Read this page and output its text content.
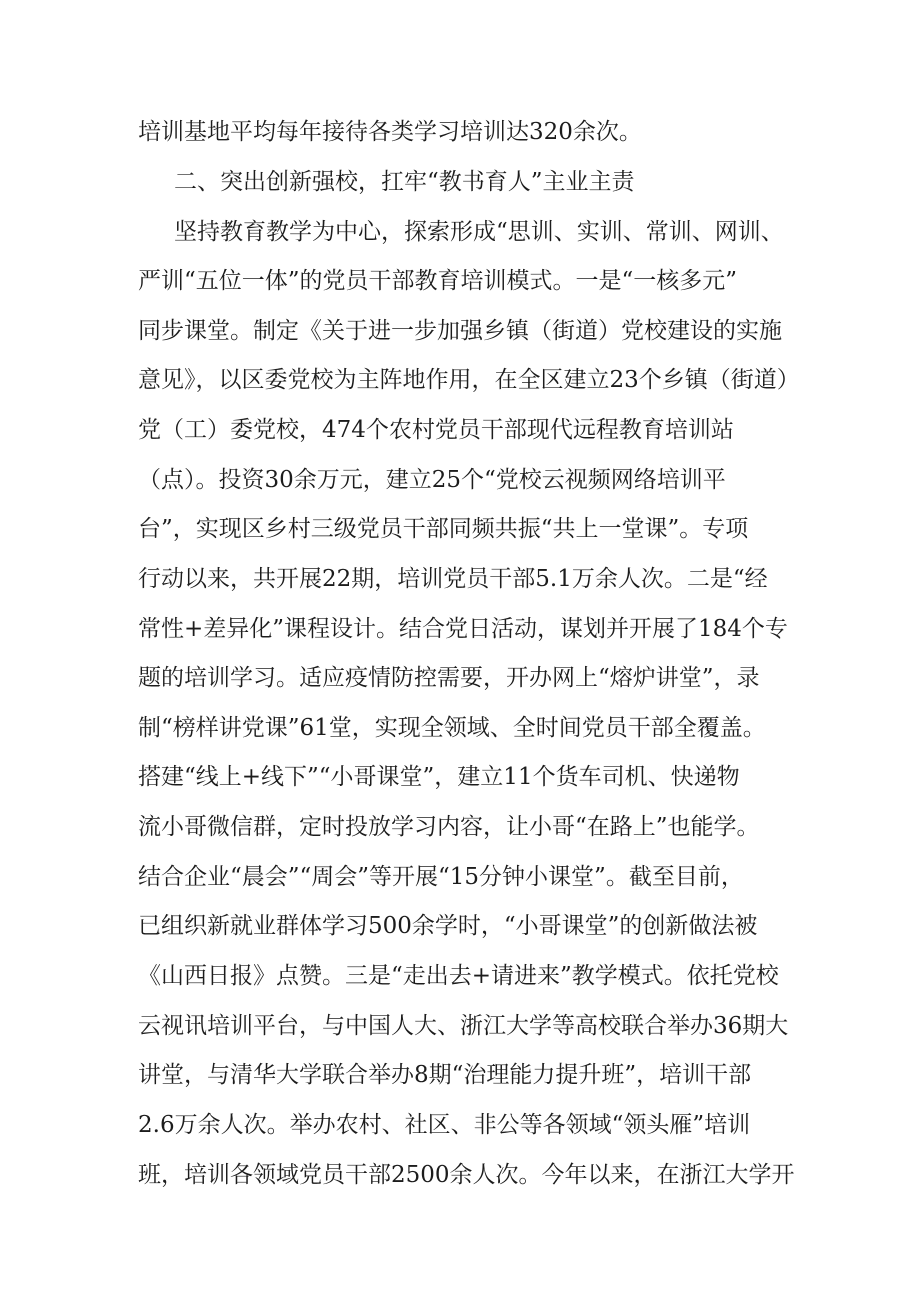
培训基地平均每年接待各类学习培训达320余次。
二、突出创新强校，扛牢“教书育人”主业主责
坚持教育教学为中心，探索形成“思训、实训、常训、网训、
严训“五位一体”的党员干部教育培训模式。一是“一核多元”
同步课堂。制定《关于进一步加强乡镇（街道）党校建设的实施
意见》，以区委党校为主阵地作用，在全区建立23个乡镇（街道）
党（工）委党校，474个农村党员干部现代远程教育培训站
（点）。投资30余万元，建立25个“党校云视频网络培训平
台”，实现区乡村三级党员干部同频共振“共上一堂课”。专项
行动以来，共开展22期，培训党员干部5.1万余人次。二是“经
常性+差异化”课程设计。结合党日活动，谋划并开展了184个专
题的培训学习。适应疫情防控需要，开办网上“熔炉讲堂”，录
制“榜样讲党课”61堂，实现全领域、全时间党员干部全覆盖。
搭建“线上+线下”“小哥课堂”，建立11个货车司机、快递物
流小哥微信群，定时投放学习内容，让小哥“在路上”也能学。
结合企业“晨会”“周会”等开展“15分钟小课堂”。截至目前，
已组织新就业群体学习500余学时，“小哥课堂”的创新做法被
《山西日报》点赞。三是“走出去+请进来”教学模式。依托党校
云视讯培训平台，与中国人大、浙江大学等高校联合举办36期大
讲堂，与清华大学联合举办8期“治理能力提升班”，培训干部
2.6万余人次。举办农村、社区、非公等各领域“领头雁”培训
班，培训各领域党员干部2500余人次。今年以来，在浙江大学开
